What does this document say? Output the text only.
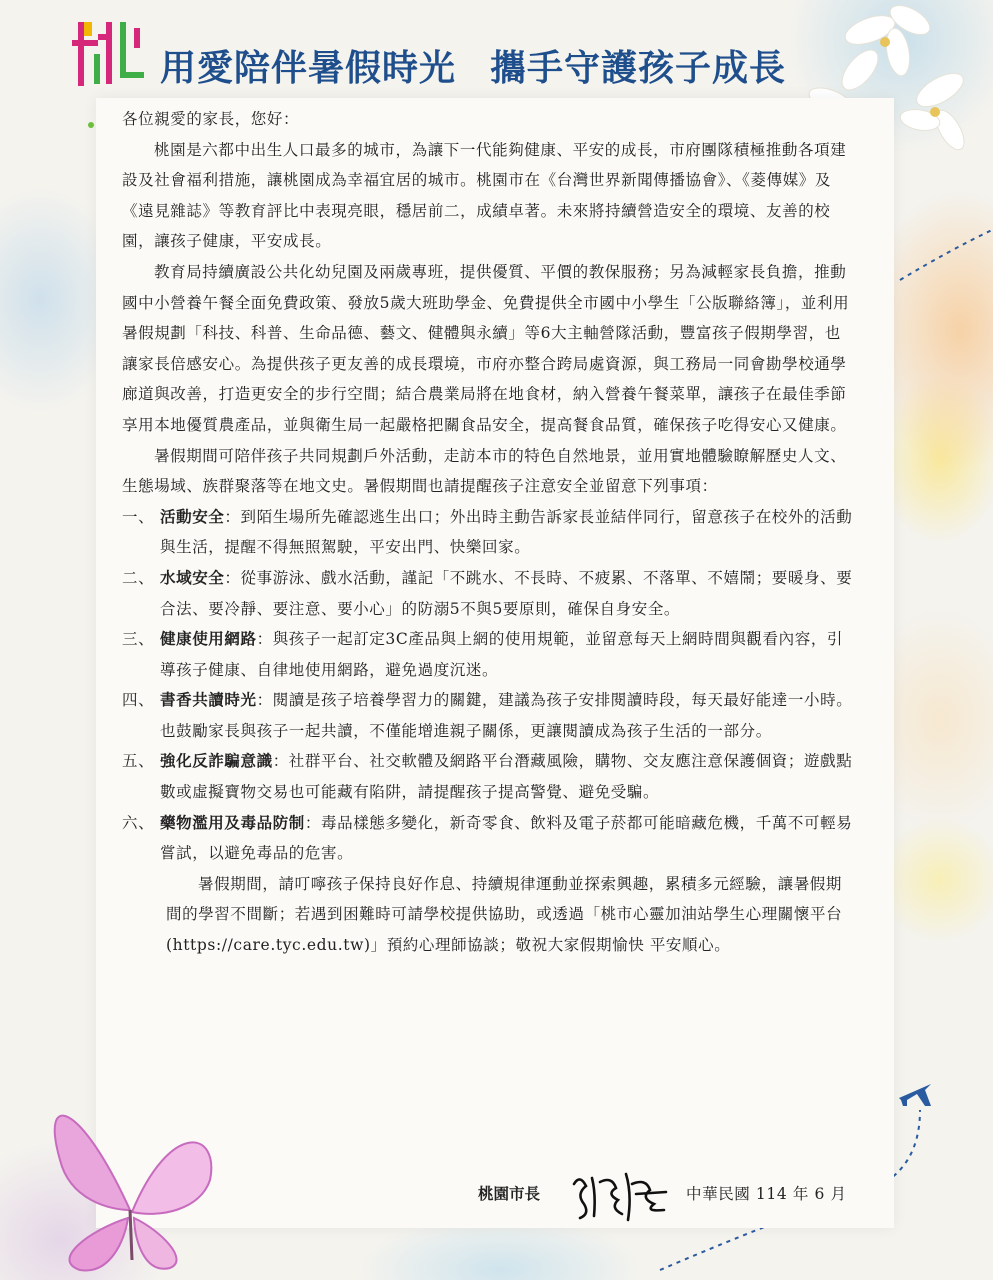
用愛陪伴暑假時光 攜手守護孩子成長

各位親愛的家長，您好：

桃園是六都中出生人口最多的城市，為讓下一代能夠健康、平安的成長，市府團隊積極推動各項建設及社會福利措施，讓桃園成為幸福宜居的城市。桃園市在《台灣世界新聞傳播協會》、《菱傳媒》及《遠見雜誌》等教育評比中表現亮眼，穩居前二，成績卓著。未來將持續營造安全的環境、友善的校園，讓孩子健康，平安成長。

教育局持續廣設公共化幼兒園及兩歲專班，提供優質、平價的教保服務；另為減輕家長負擔，推動國中小營養午餐全面免費政策、發放5歲大班助學金、免費提供全市國中小學生「公版聯絡簿」，並利用暑假規劃「科技、科普、生命品德、藝文、健體與永續」等6大主軸營隊活動，豐富孩子假期學習，也讓家長倍感安心。為提供孩子更友善的成長環境，市府亦整合跨局處資源，與工務局一同會勘學校通學廊道與改善，打造更安全的步行空間；結合農業局將在地食材，納入營養午餐菜單，讓孩子在最佳季節享用本地優質農產品，並與衛生局一起嚴格把關食品安全，提高餐食品質，確保孩子吃得安心又健康。

暑假期間可陪伴孩子共同規劃戶外活動，走訪本市的特色自然地景，並用實地體驗瞭解歷史人文、生態場域、族群聚落等在地文史。暑假期間也請提醒孩子注意安全並留意下列事項：

一、 活動安全：到陌生場所先確認逃生出口；外出時主動告訴家長並結伴同行，留意孩子在校外的活動與生活，提醒不得無照駕駛，平安出門、快樂回家。
二、 水域安全：從事游泳、戲水活動，謹記「不跳水、不長時、不疲累、不落單、不嬉鬧；要暖身、要合法、要冷靜、要注意、要小心」的防溺5不與5要原則，確保自身安全。
三、 健康使用網路：與孩子一起訂定3C產品與上網的使用規範，並留意每天上網時間與觀看內容，引導孩子健康、自律地使用網路，避免過度沉迷。
四、 書香共讀時光：閱讀是孩子培養學習力的關鍵，建議為孩子安排閱讀時段，每天最好能達一小時。也鼓勵家長與孩子一起共讀，不僅能增進親子關係，更讓閱讀成為孩子生活的一部分。
五、 強化反詐騙意識：社群平台、社交軟體及網路平台潛藏風險，購物、交友應注意保護個資；遊戲點數或虛擬寶物交易也可能藏有陷阱，請提醒孩子提高警覺、避免受騙。
六、 藥物濫用及毒品防制：毒品樣態多變化，新奇零食、飲料及電子菸都可能暗藏危機，千萬不可輕易嘗試，以避免毒品的危害。

暑假期間，請叮嚀孩子保持良好作息、持續規律運動並探索興趣，累積多元經驗，讓暑假期間的學習不間斷；若遇到困難時可請學校提供協助，或透過「桃市心靈加油站學生心理關懷平台(https://care.tyc.edu.tw)」預約心理師協談；敬祝大家假期愉快 平安順心。

桃園市長	中華民國 114 年 6 月
